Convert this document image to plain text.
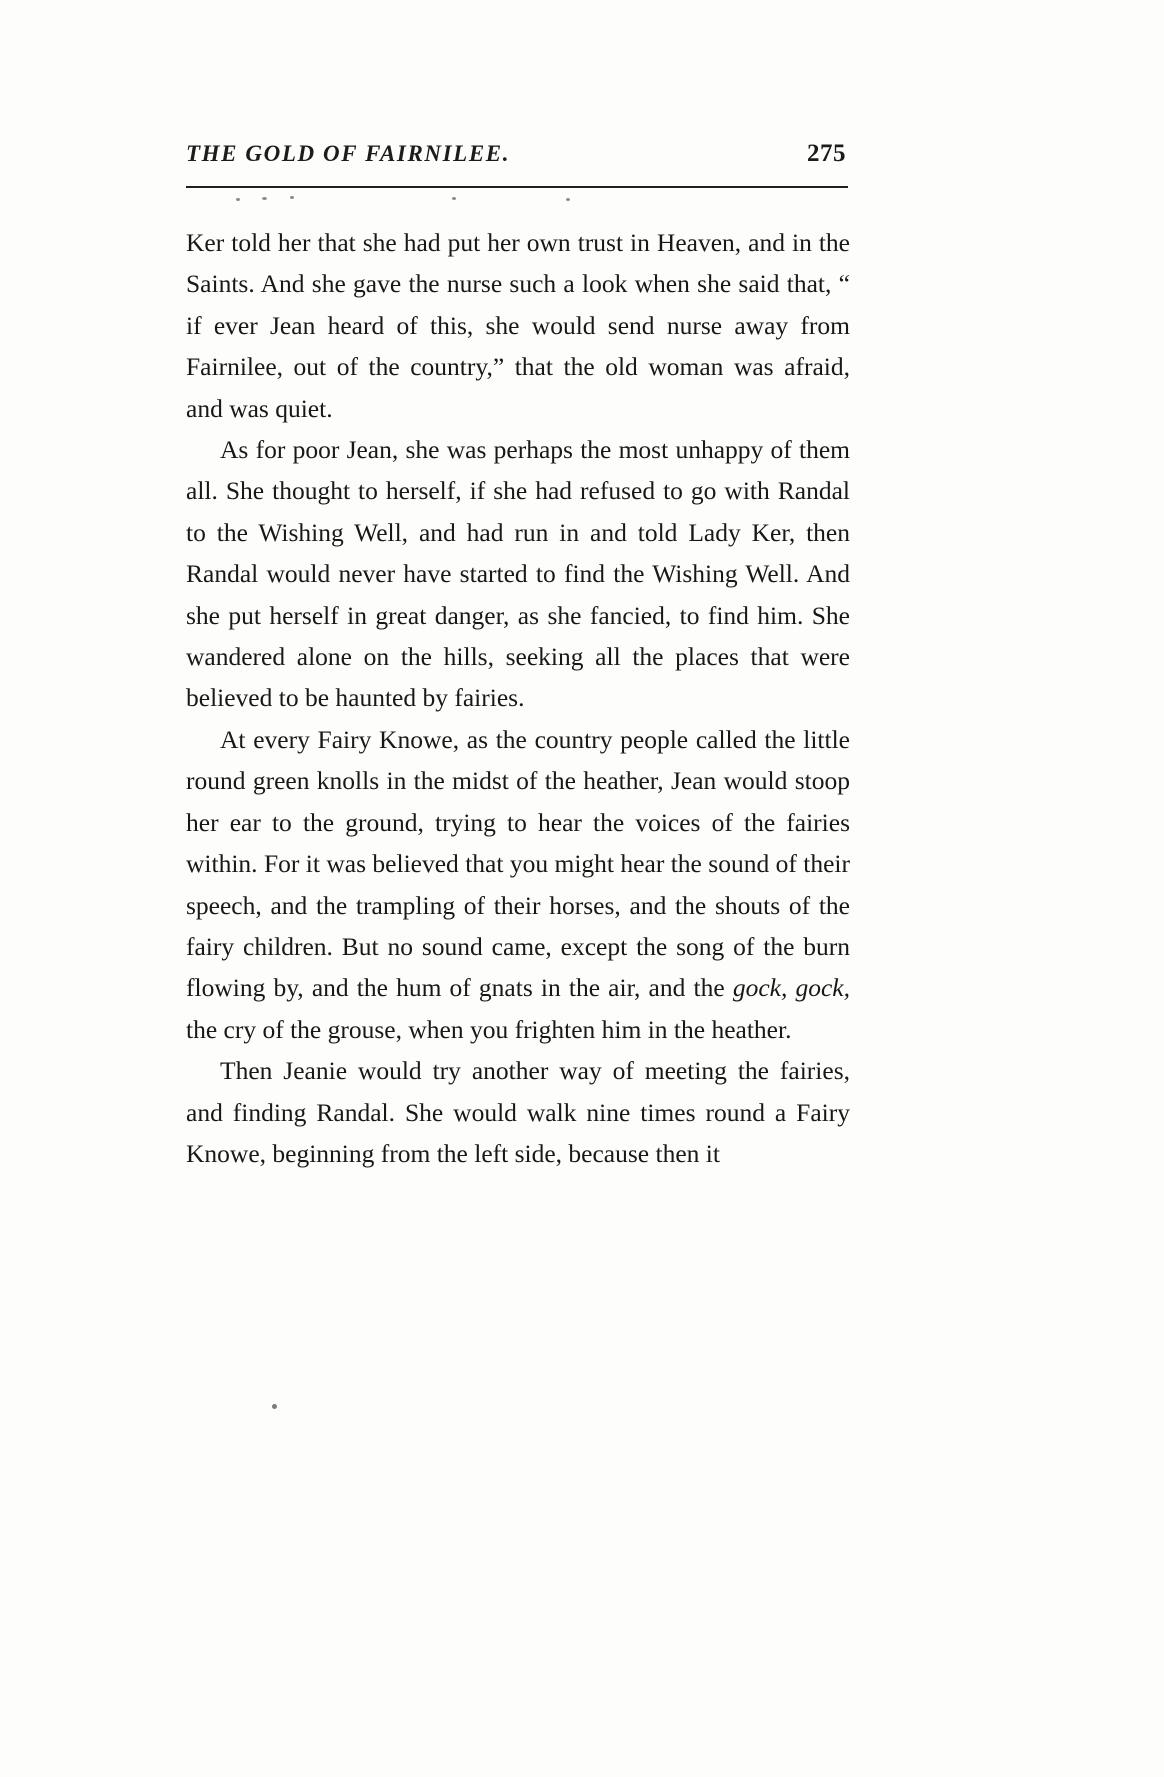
THE GOLD OF FAIRNILEE.	275

Ker told her that she had put her own trust in Heaven, and in the Saints. And she gave the nurse such a look when she said that, “ if ever Jean heard of this, she would send nurse away from Fairnilee, out of the country,” that the old woman was afraid, and was quiet.

As for poor Jean, she was perhaps the most unhappy of them all. She thought to herself, if she had refused to go with Randal to the Wishing Well, and had run in and told Lady Ker, then Randal would never have started to find the Wishing Well. And she put herself in great danger, as she fancied, to find him. She wandered alone on the hills, seeking all the places that were believed to be haunted by fairies.

At every Fairy Knowe, as the country people called the little round green knolls in the midst of the heather, Jean would stoop her ear to the ground, trying to hear the voices of the fairies within. For it was believed that you might hear the sound of their speech, and the trampling of their horses, and the shouts of the fairy children. But no sound came, except the song of the burn flowing by, and the hum of gnats in the air, and the gock, gock, the cry of the grouse, when you frighten him in the heather.

Then Jeanie would try another way of meeting the fairies, and finding Randal. She would walk nine times round a Fairy Knowe, beginning from the left side, because then it
